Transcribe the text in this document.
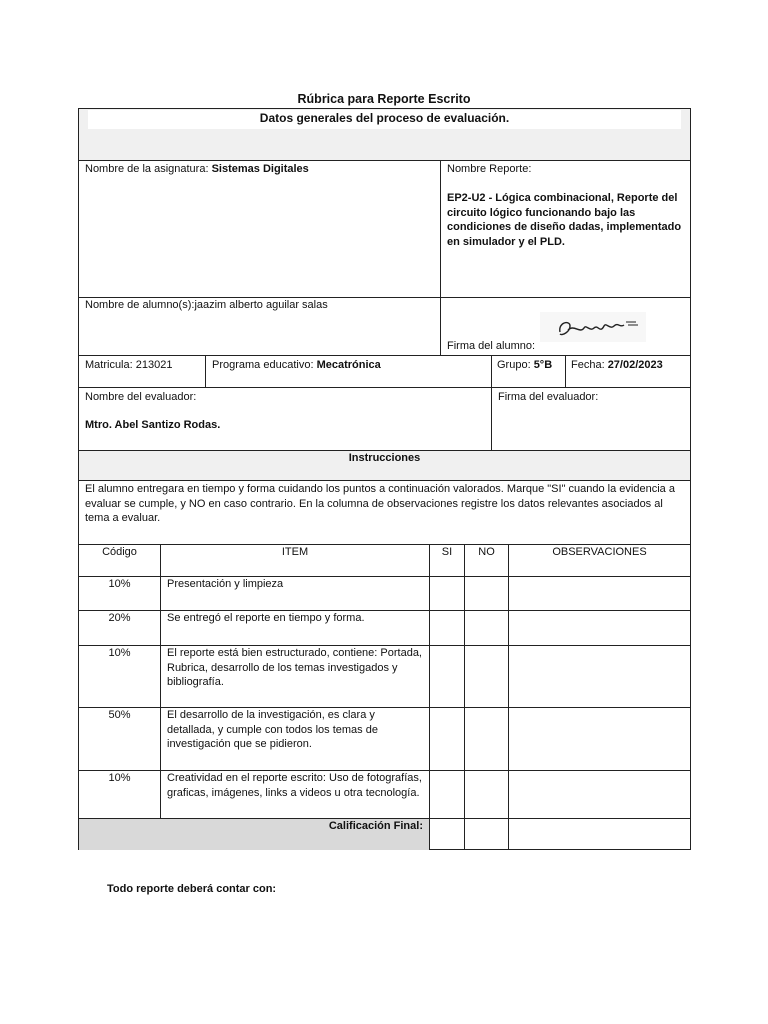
Rúbrica para Reporte Escrito
Datos generales del proceso de evaluación.
Nombre de la asignatura: Sistemas Digitales	Nombre Reporte:
EP2-U2 - Lógica combinacional, Reporte del circuito lógico funcionando bajo las condiciones de diseño dadas, implementado en simulador y el PLD.
Nombre de alumno(s):jaazim alberto aguilar salas
Firma del alumno:
Matricula: 213021	Programa educativo: Mecatrónica	Grupo: 5°B Fecha: 27/02/2023
Nombre del evaluador:
Mtro. Abel Santizo Rodas.
Firma del evaluador:
Instrucciones
El alumno entregara en tiempo y forma cuidando los puntos a continuación valorados. Marque "SI" cuando la evidencia a evaluar se cumple, y NO en caso contrario. En la columna de observaciones registre los datos relevantes asociados al tema a evaluar.
Código	ITEM	SI	NO	OBSERVACIONES
10%	Presentación y limpieza
20%	Se entregó el reporte en tiempo y forma.
10%	El reporte está bien estructurado, contiene: Portada, Rubrica, desarrollo de los temas investigados y bibliografía.
50%	El desarrollo de la investigación, es clara y detallada, y cumple con todos los temas de investigación que se pidieron.
10%	Creatividad en el reporte escrito: Uso de fotografías, graficas, imágenes, links a videos u otra tecnología.
Calificación Final:
Todo reporte deberá contar con:
